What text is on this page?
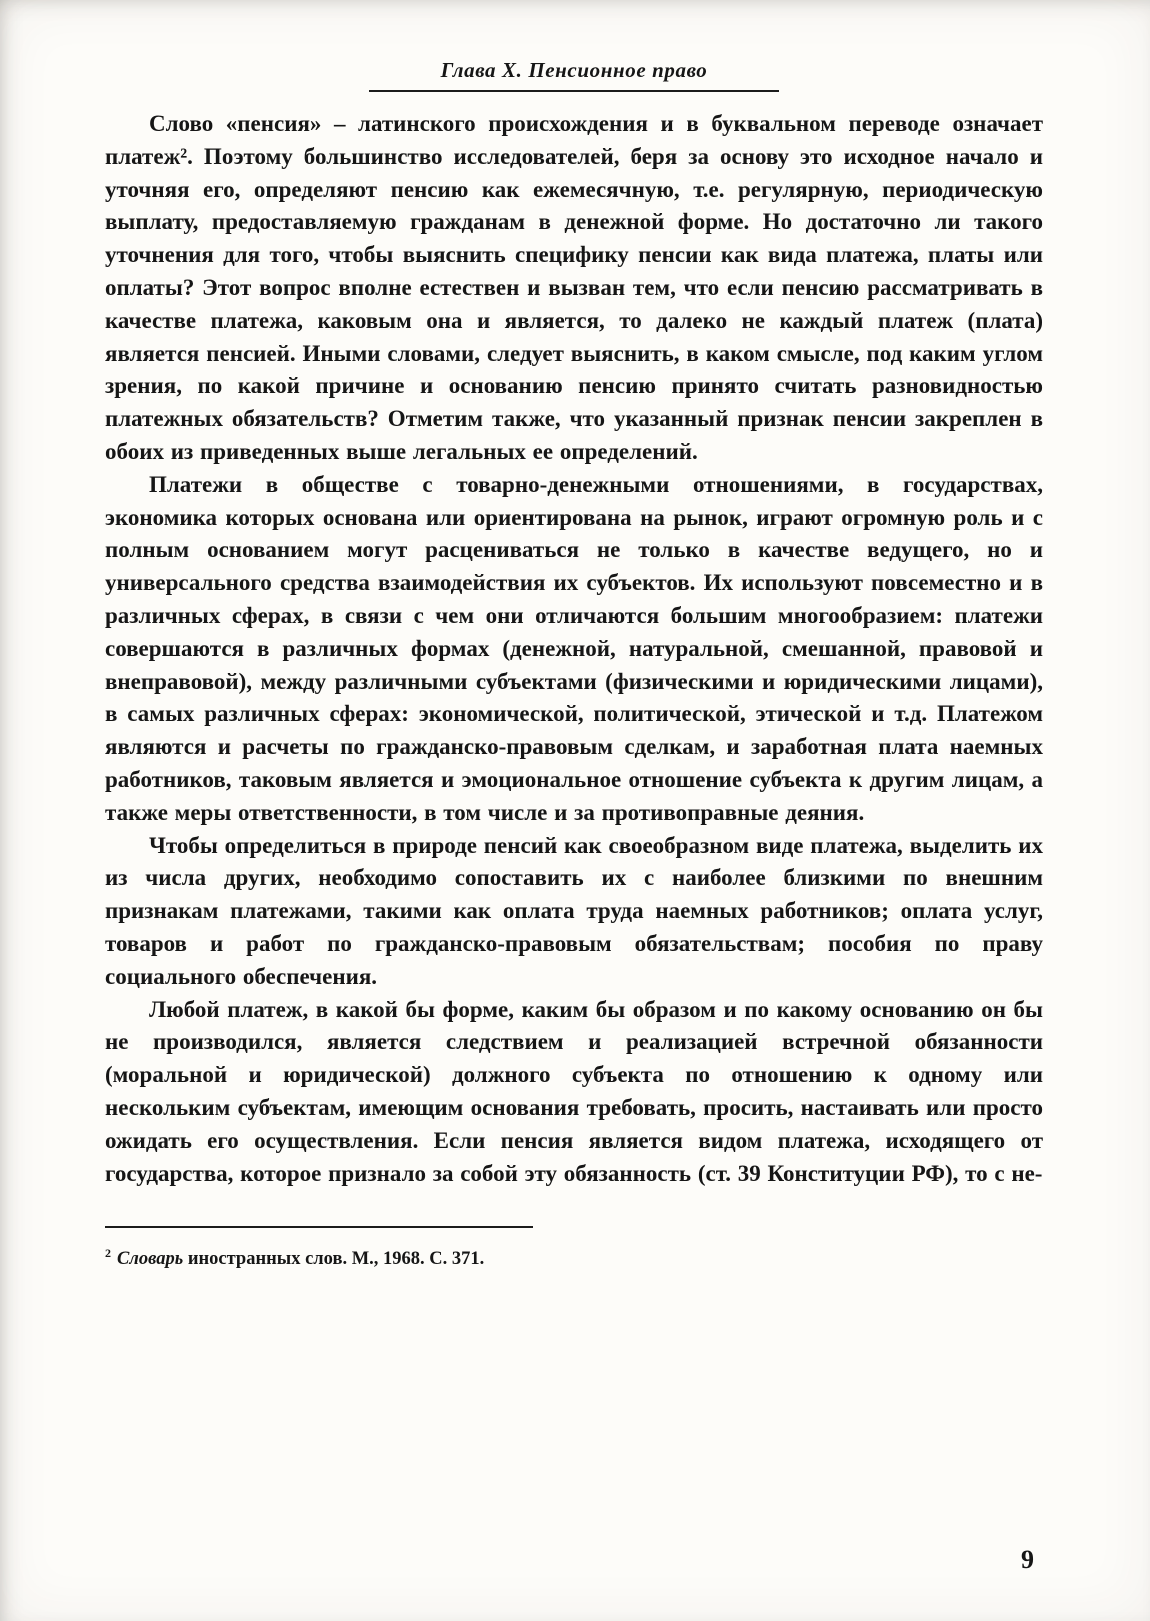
Глава X. Пенсионное право

Слово «пенсия» – латинского происхождения и в буквальном переводе означает платеж². Поэтому большинство исследователей, беря за основу это исходное начало и уточняя его, определяют пенсию как ежемесячную, т.е. регулярную, периодическую выплату, предоставляемую гражданам в денежной форме. Но достаточно ли такого уточнения для того, чтобы выяснить специфику пенсии как вида платежа, платы или оплаты? Этот вопрос вполне естествен и вызван тем, что если пенсию рассматривать в качестве платежа, каковым она и является, то далеко не каждый платеж (плата) является пенсией. Иными словами, следует выяснить, в каком смысле, под каким углом зрения, по какой причине и основанию пенсию принято считать разновидностью платежных обязательств? Отметим также, что указанный признак пенсии закреплен в обоих из приведенных выше легальных ее определений.

Платежи в обществе с товарно-денежными отношениями, в государствах, экономика которых основана или ориентирована на рынок, играют огромную роль и с полным основанием могут расцениваться не только в качестве ведущего, но и универсального средства взаимодействия их субъектов. Их используют повсеместно и в различных сферах, в связи с чем они отличаются большим многообразием: платежи совершаются в различных формах (денежной, натуральной, смешанной, правовой и внеправовой), между различными субъектами (физическими и юридическими лицами), в самых различных сферах: экономической, политической, этической и т.д. Платежом являются и расчеты по гражданско-правовым сделкам, и заработная плата наемных работников, таковым является и эмоциональное отношение субъекта к другим лицам, а также меры ответственности, в том числе и за противоправные деяния.

Чтобы определиться в природе пенсий как своеобразном виде платежа, выделить их из числа других, необходимо сопоставить их с наиболее близкими по внешним признакам платежами, такими как оплата труда наемных работников; оплата услуг, товаров и работ по гражданско-правовым обязательствам; пособия по праву социального обеспечения.

Любой платеж, в какой бы форме, каким бы образом и по какому основанию он бы не производился, является следствием и реализацией встречной обязанности (моральной и юридической) должного субъекта по отношению к одному или нескольким субъектам, имеющим основания требовать, просить, настаивать или просто ожидать его осуществления. Если пенсия является видом платежа, исходящего от государства, которое признало за собой эту обязанность (ст. 39 Конституции РФ), то с не-

$^2$ Словарь иностранных слов. М., 1968. С. 371.

9
